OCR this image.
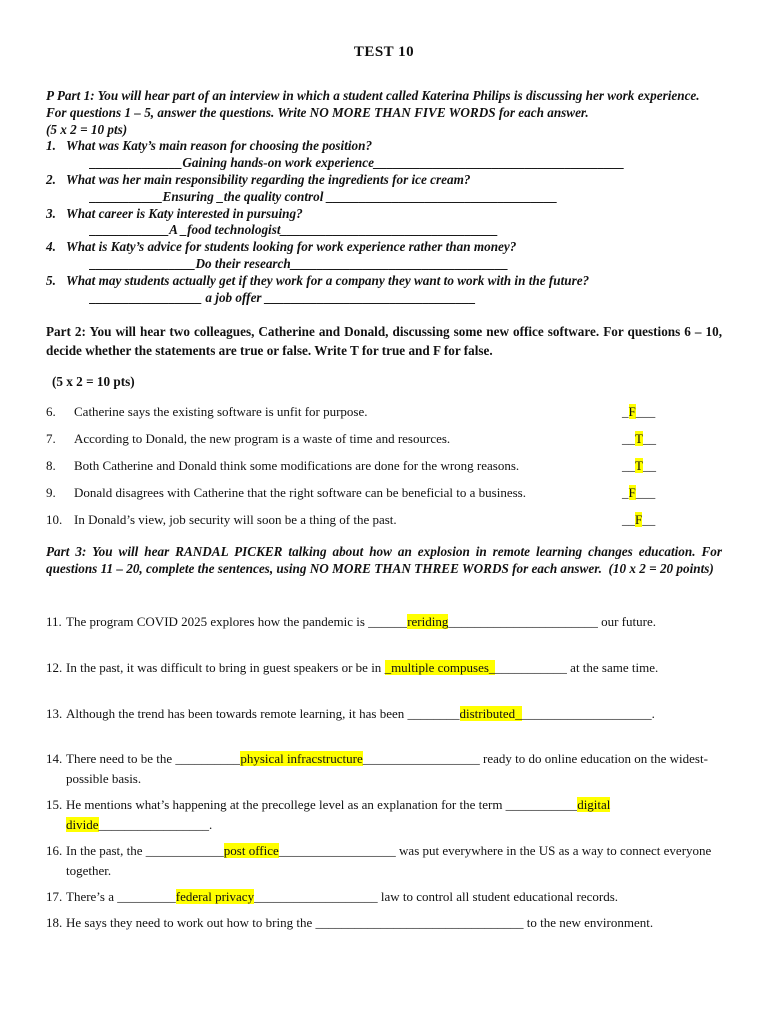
TEST 10
P Part 1: You will hear part of an interview in which a student called Katerina Philips is discussing her work experience. For questions 1 – 5, answer the questions. Write NO MORE THAN FIVE WORDS for each answer.
(5 x 2 = 10 pts)
1. What was Katy’s main reason for choosing the position?
______________Gaining hands-on work experience______________________________________
2. What was her main responsibility regarding the ingredients for ice cream?
___________Ensuring _the quality control ___________________________________
3. What career is Katy interested in pursuing?
____________A _food technologist_________________________________
4. What is Katy’s advice for students looking for work experience rather than money?
________________Do their research_________________________________
5. What may students actually get if they work for a company they want to work with in the future?
_________________ a job offer ________________________________
Part 2: You will hear two colleagues, Catherine and Donald, discussing some new office software. For questions 6 – 10, decide whether the statements are true or false. Write T for true and F for false.
(5 x 2 = 10 pts)
6. Catherine says the existing software is unfit for purpose.	_F___
7. According to Donald, the new program is a waste of time and resources.	__T__
8. Both Catherine and Donald think some modifications are done for the wrong reasons.	__T__
9. Donald disagrees with Catherine that the right software can be beneficial to a business.	_F___
10. In Donald’s view, job security will soon be a thing of the past.	__F__
Part 3: You will hear RANDAL PICKER talking about how an explosion in remote learning changes education. For questions 11 – 20, complete the sentences, using NO MORE THAN THREE WORDS for each answer. (10 x 2 = 20 points)
11. The program COVID 2025 explores how the pandemic is ______reriding_______________________ our future.
12. In the past, it was difficult to bring in guest speakers or be in _multiple compuses____________ at the same time.
13. Although the trend has been towards remote learning, it has been ________distributed_____________________.
14. There need to be the __________physical infracstructure__________________ ready to do online education on the widest-possible basis.
15. He mentions what’s happening at the precollege level as an explanation for the term ___________digital divide_________________.
16. In the past, the ____________post office__________________ was put everywhere in the US as a way to connect everyone together.
17. There’s a _________federal privacy___________________ law to control all student educational records.
18. He says they need to work out how to bring the ________________________________ to the new environment.
